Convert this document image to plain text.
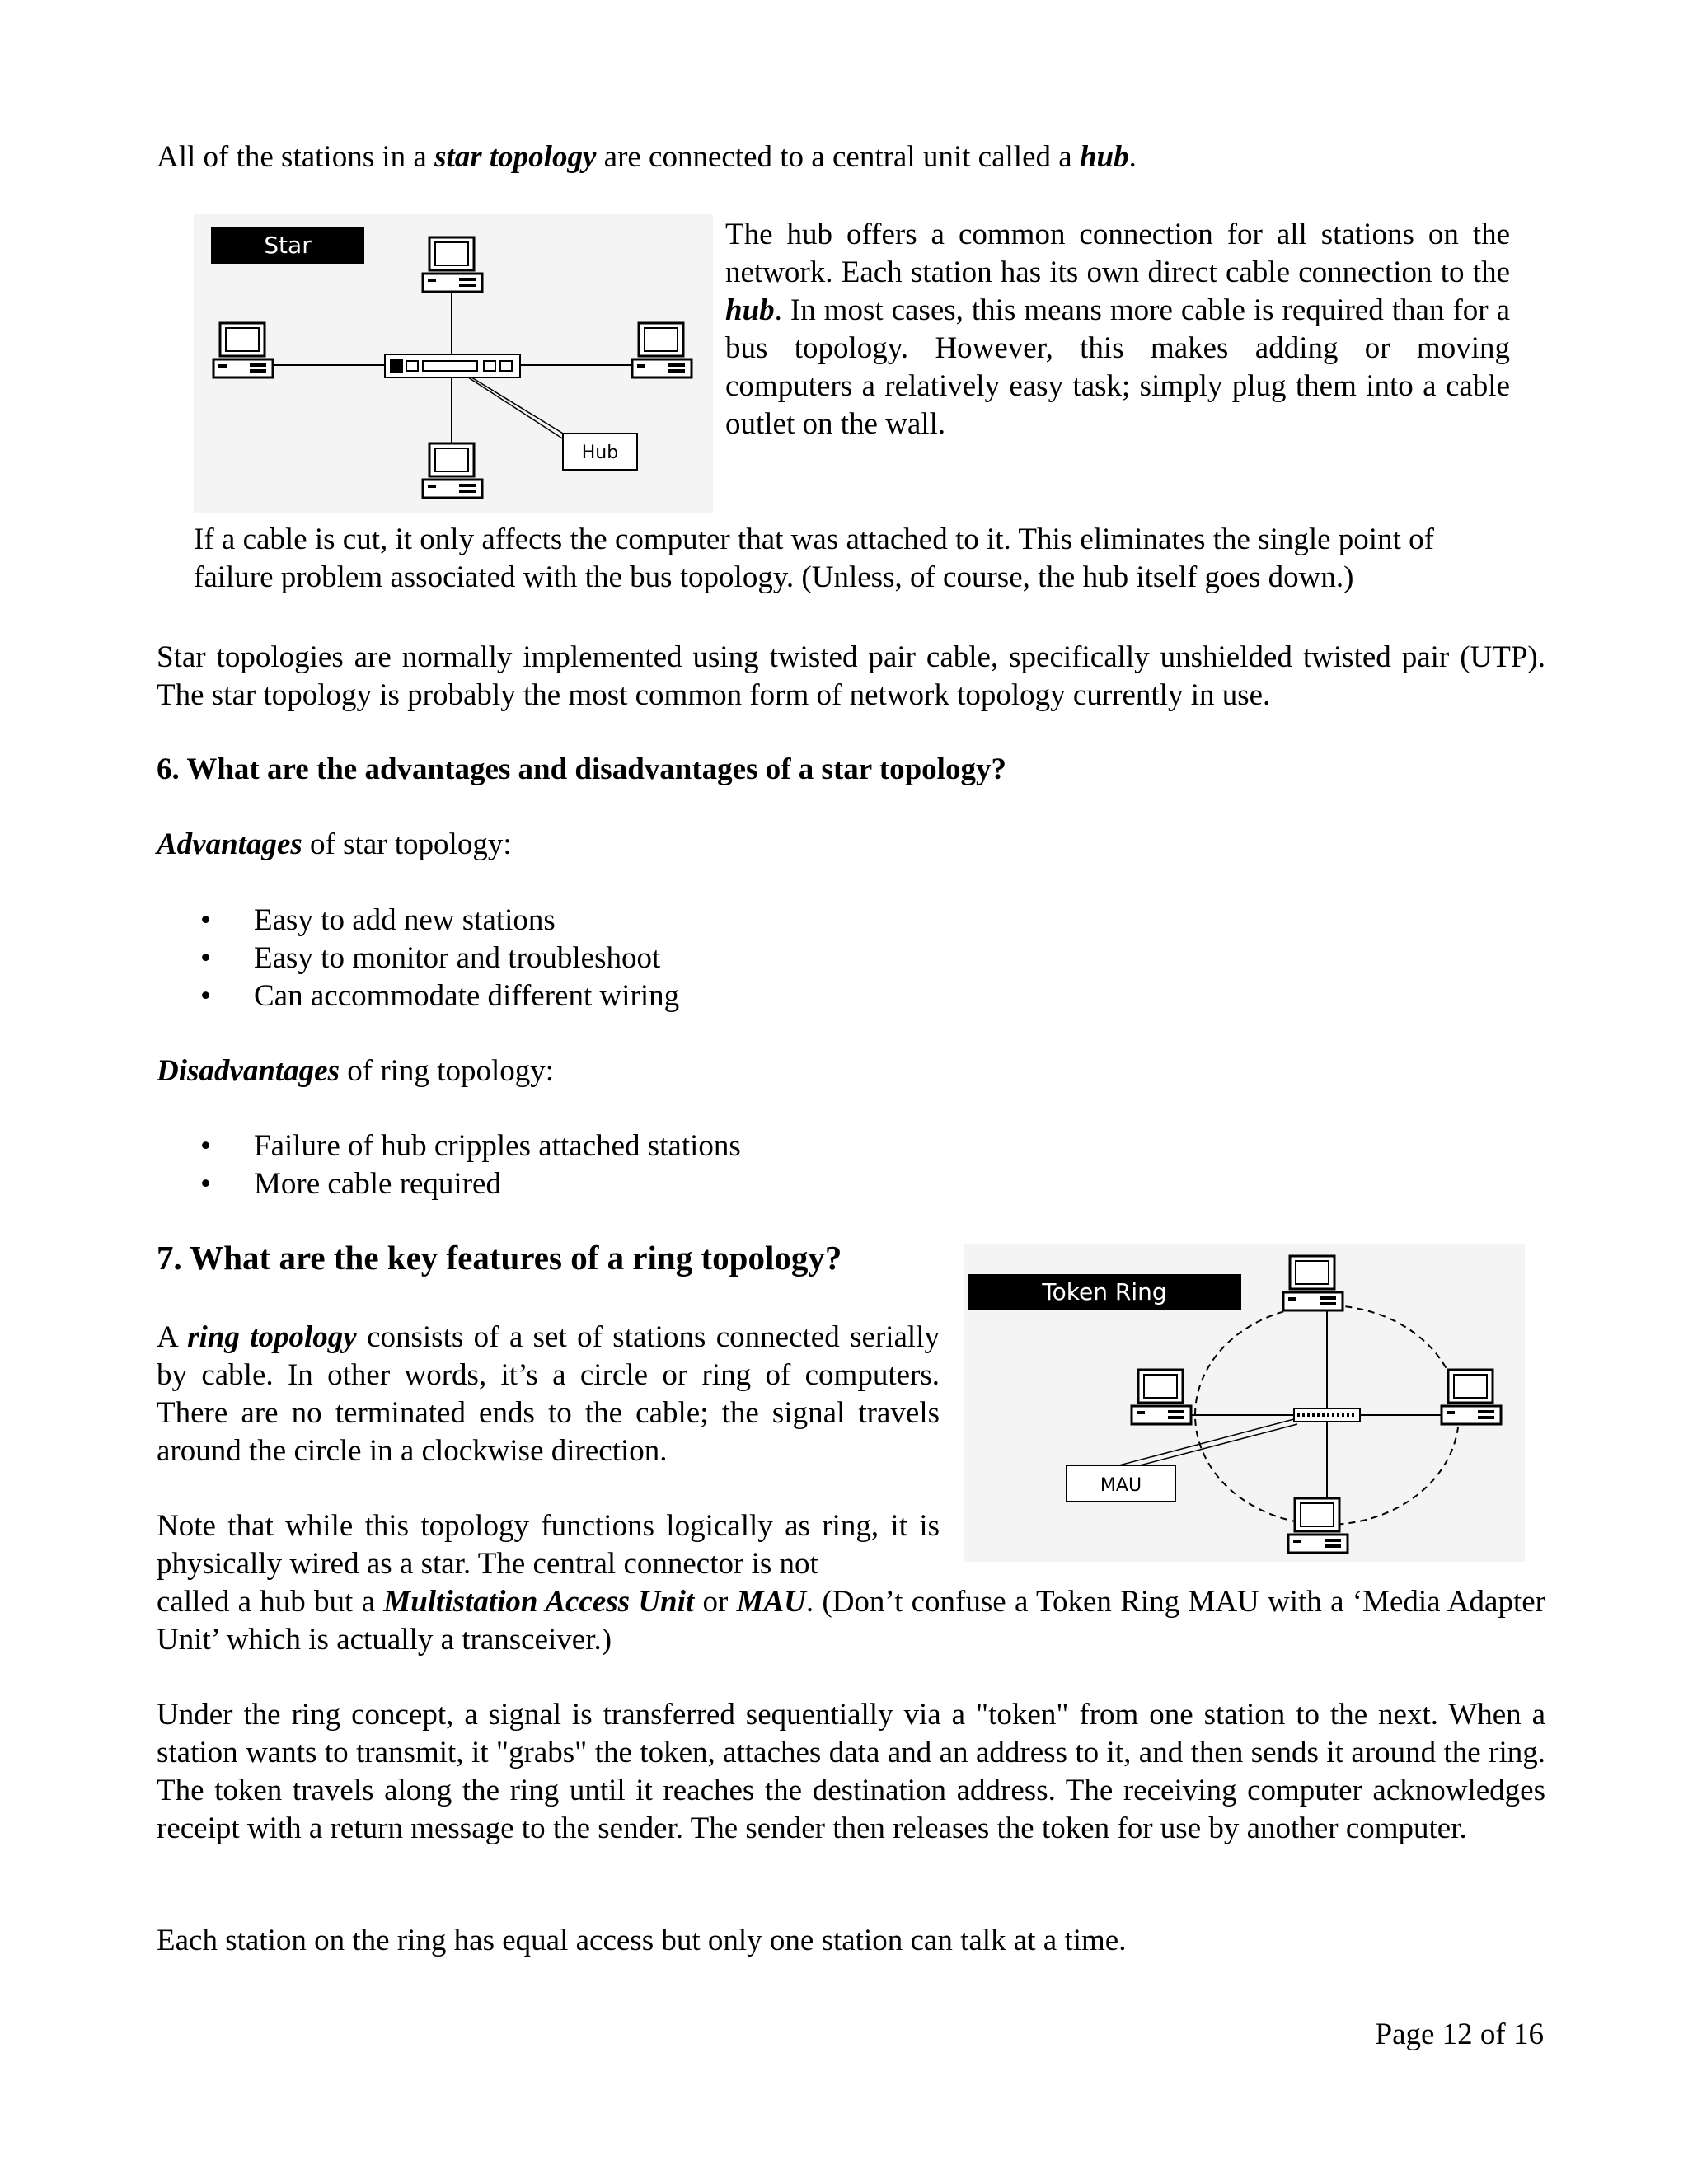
All of the stations in a star topology are connected to a central unit called a hub.

Star
Hub

The hub offers a common connection for all stations on the network. Each station has its own direct cable connection to the hub. In most cases, this means more cable is required than for a bus topology. However, this makes adding or moving computers a relatively easy task; simply plug them into a cable outlet on the wall.

If a cable is cut, it only affects the computer that was attached to it. This eliminates the single point of failure problem associated with the bus topology. (Unless, of course, the hub itself goes down.)

Star topologies are normally implemented using twisted pair cable, specifically unshielded twisted pair (UTP). The star topology is probably the most common form of network topology currently in use.

6. What are the advantages and disadvantages of a star topology?

Advantages of star topology:

• Easy to add new stations
• Easy to monitor and troubleshoot
• Can accommodate different wiring

Disadvantages of ring topology:

• Failure of hub cripples attached stations
• More cable required

7. What are the key features of a ring topology?

Token Ring
MAU

A ring topology consists of a set of stations connected serially by cable. In other words, it’s a circle or ring of computers. There are no terminated ends to the cable; the signal travels around the circle in a clockwise direction.

Note that while this topology functions logically as ring, it is physically wired as a star. The central connector is not

called a hub but a Multistation Access Unit or MAU. (Don’t confuse a Token Ring MAU with a ‘Media Adapter Unit’ which is actually a transceiver.)

Under the ring concept, a signal is transferred sequentially via a "token" from one station to the next. When a station wants to transmit, it "grabs" the token, attaches data and an address to it, and then sends it around the ring. The token travels along the ring until it reaches the destination address. The receiving computer acknowledges receipt with a return message to the sender. The sender then releases the token for use by another computer.

Each station on the ring has equal access but only one station can talk at a time.

Page 12 of 16
